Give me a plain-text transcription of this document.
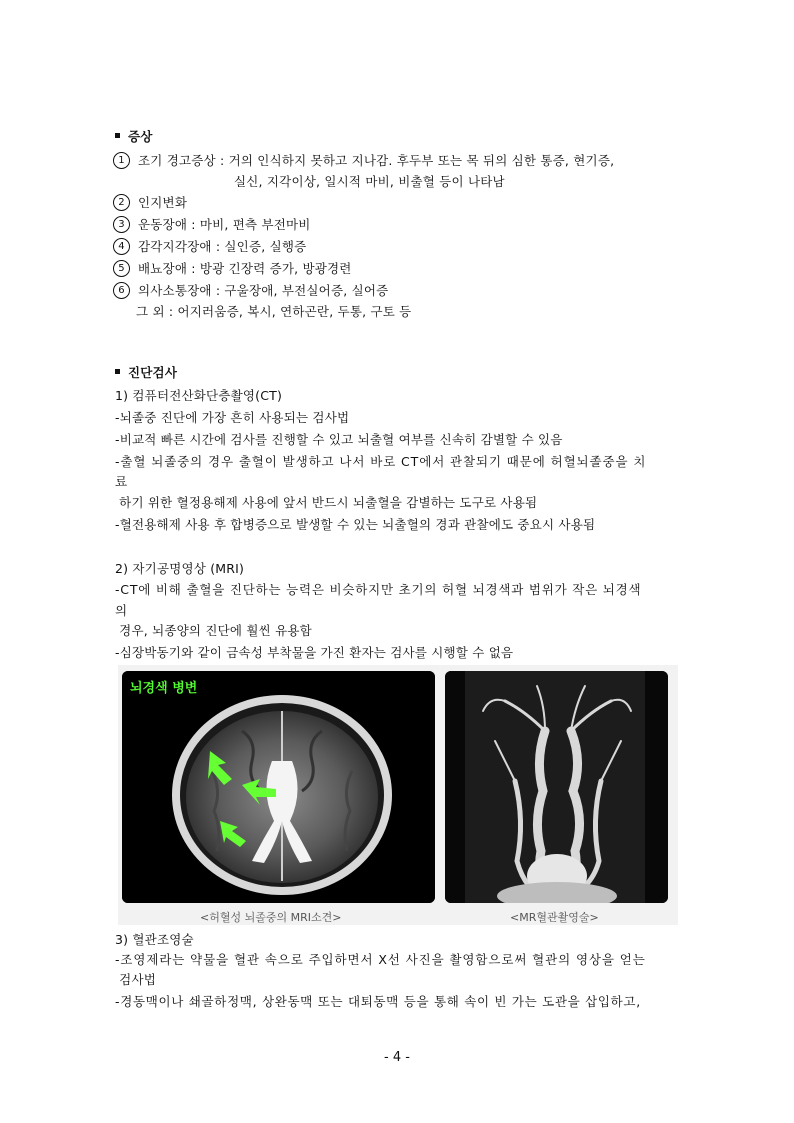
증상
1 조기 경고증상 : 거의 인식하지 못하고 지나감. 후두부 또는 목 뒤의 심한 통증, 현기증,
실신, 지각이상, 일시적 마비, 비출혈 등이 나타남
2 인지변화
3 운동장애 : 마비, 편측 부전마비
4 감각지각장애 : 실인증, 실행증
5 배뇨장애 : 방광 긴장력 증가, 방광경련
6 의사소통장애 : 구울장애, 부전실어증, 실어증
그 외 : 어지러움증, 복시, 연하곤란, 두통, 구토 등
진단검사
1) 컴퓨터전산화단층촬영(CT)
-뇌졸중 진단에 가장 흔히 사용되는 검사법
-비교적 빠른 시간에 검사를 진행할 수 있고 뇌출혈 여부를 신속히 감별할 수 있음
-출혈 뇌졸중의 경우 출혈이 발생하고 나서 바로 CT에서 관찰되기 때문에 허혈뇌졸중을 치
료
하기 위한 혈정용해제 사용에 앞서 반드시 뇌출혈을 감별하는 도구로 사용됨
-혈전용해제 사용 후 합병증으로 발생할 수 있는 뇌출혈의 경과 관찰에도 중요시 사용됨
2) 자기공명영상 (MRI)
-CT에 비해 출혈을 진단하는 능력은 비슷하지만 초기의 허혈 뇌경색과 범위가 작은 뇌경색
의
경우, 뇌종양의 진단에 훨씬 유용함
-심장박동기와 같이 금속성 부착물을 가진 환자는 검사를 시행할 수 없음
뇌경색 병변
<허혈성 뇌졸중의 MRI소견>	<MR혈관촬영술>
3) 혈관조영술
-조영제라는 약물을 혈관 속으로 주입하면서 X선 사진을 촬영함으로써 혈관의 영상을 얻는
검사법
-경동맥이나 쇄골하정맥, 상완동맥 또는 대퇴동맥 등을 통해 속이 빈 가는 도관을 삽입하고,
- 4 -
